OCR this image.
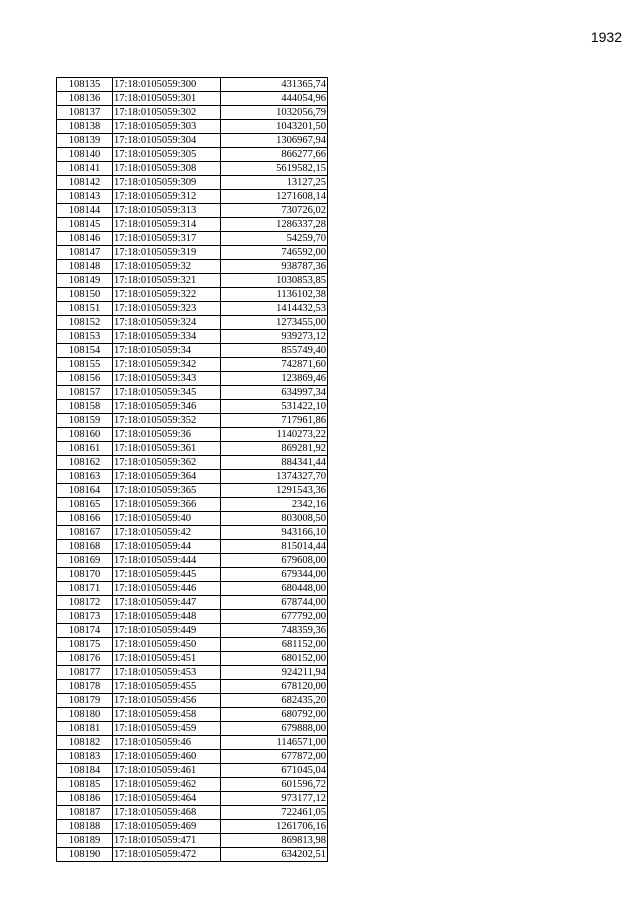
1932
108135	17:18:0105059:300	431365,74
108136	17:18:0105059:301	444054,96
108137	17:18:0105059:302	1032056,79
108138	17:18:0105059:303	1043201,50
108139	17:18:0105059:304	1306967,94
108140	17:18:0105059:305	866277,66
108141	17:18:0105059:308	5619582,15
108142	17:18:0105059:309	13127,25
108143	17:18:0105059:312	1271608,14
108144	17:18:0105059:313	730726,02
108145	17:18:0105059:314	1286337,28
108146	17:18:0105059:317	54259,70
108147	17:18:0105059:319	746592,00
108148	17:18:0105059:32	938787,36
108149	17:18:0105059:321	1030853,85
108150	17:18:0105059:322	1136102,38
108151	17:18:0105059:323	1414432,53
108152	17:18:0105059:324	1273455,00
108153	17:18:0105059:334	939273,12
108154	17:18:0105059:34	855749,40
108155	17:18:0105059:342	742871,60
108156	17:18:0105059:343	123869,46
108157	17:18:0105059:345	634997,34
108158	17:18:0105059:346	531422,10
108159	17:18:0105059:352	717961,86
108160	17:18:0105059:36	1140273,22
108161	17:18:0105059:361	869281,92
108162	17:18:0105059:362	884341,44
108163	17:18:0105059:364	1374327,70
108164	17:18:0105059:365	1291543,36
108165	17:18:0105059:366	2342,16
108166	17:18:0105059:40	803008,50
108167	17:18:0105059:42	943166,10
108168	17:18:0105059:44	815014,44
108169	17:18:0105059:444	679608,00
108170	17:18:0105059:445	679344,00
108171	17:18:0105059:446	680448,00
108172	17:18:0105059:447	678744,00
108173	17:18:0105059:448	677792,00
108174	17:18:0105059:449	748359,36
108175	17:18:0105059:450	681152,00
108176	17:18:0105059:451	680152,00
108177	17:18:0105059:453	924211,94
108178	17:18:0105059:455	678120,00
108179	17:18:0105059:456	682435,20
108180	17:18:0105059:458	680792,00
108181	17:18:0105059:459	679888,00
108182	17:18:0105059:46	1146571,00
108183	17:18:0105059:460	677872,00
108184	17:18:0105059:461	671045,04
108185	17:18:0105059:462	601596,72
108186	17:18:0105059:464	973177,12
108187	17:18:0105059:468	722461,05
108188	17:18:0105059:469	1261706,16
108189	17:18:0105059:471	869813,98
108190	17:18:0105059:472	634202,51
